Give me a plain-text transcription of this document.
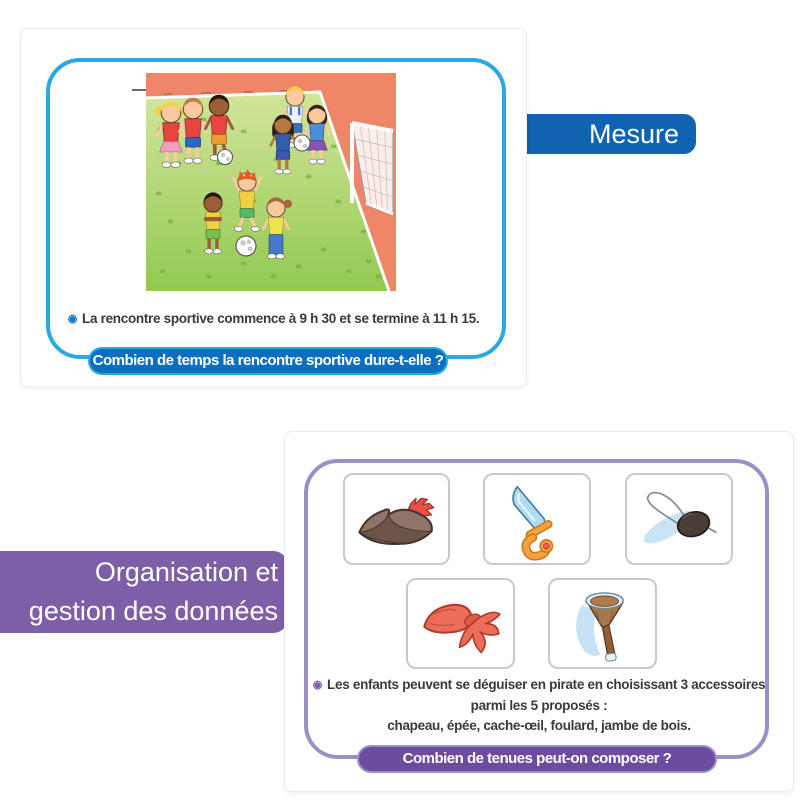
Mesure
Organisation et
gestion des données

◉ La rencontre sportive commence à 9 h 30 et se termine à 11 h 15.

Combien de temps la rencontre sportive dure-t-elle ?
◉ Les enfants peuvent se déguiser en pirate en choisissant 3 accessoires
parmi les 5 proposés :
chapeau, épée, cache-œil, foulard, jambe de bois.
Combien de tenues peut-on composer ?
